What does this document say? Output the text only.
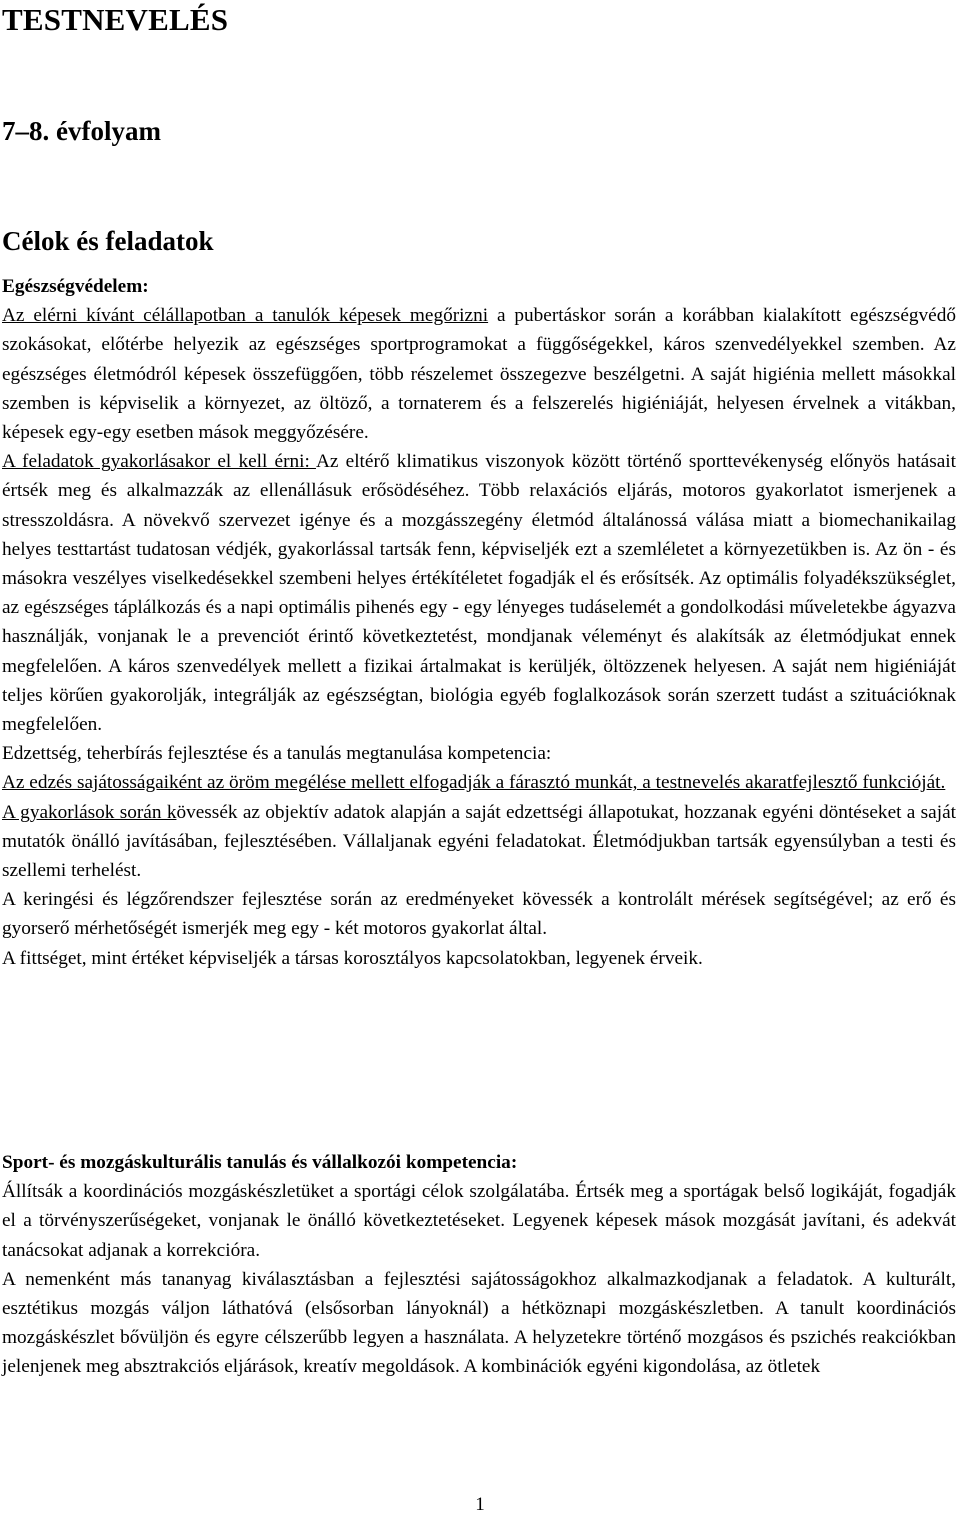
TESTNEVELÉS
7–8. évfolyam
Célok és feladatok

Egészségvédelem:

Az elérni kívánt célállapotban a tanulók képesek megőrizni a pubertáskor során a korábban kialakított egészségvédő szokásokat, előtérbe helyezik az egészséges sportprogramokat a függőségekkel, káros szenvedélyekkel szemben. Az egészséges életmódról képesek összefüggően, több részelemet összegezve beszélgetni. A saját higiénia mellett másokkal szemben is képviselik a környezet, az öltöző, a tornaterem és a felszerelés higiéniáját, helyesen érvelnek a vitákban, képesek egy-egy esetben mások meggyőzésére.

A feladatok gyakorlásakor el kell érni: Az eltérő klimatikus viszonyok között történő sporttevékenység előnyös hatásait értsék meg és alkalmazzák az ellenállásuk erősödéséhez. Több relaxációs eljárás, motoros gyakorlatot ismerjenek a stresszoldásra. A növekvő szervezet igénye és a mozgásszegény életmód általánossá válása miatt a biomechanikailag helyes testtartást tudatosan védjék, gyakorlással tartsák fenn, képviseljék ezt a szemléletet a környezetükben is. Az ön - és másokra veszélyes viselkedésekkel szembeni helyes értékítéletet fogadják el és erősítsék. Az optimális folyadékszükséglet, az egészséges táplálkozás és a napi optimális pihenés egy - egy lényeges tudáselemét a gondolkodási műveletekbe ágyazva használják, vonjanak le a prevenciót érintő következtetést, mondjanak véleményt és alakítsák az életmódjukat ennek megfelelően. A káros szenvedélyek mellett a fizikai ártalmakat is kerüljék, öltözzenek helyesen. A saját nem higiéniáját teljes körűen gyakorolják, integrálják az egészségtan, biológia egyéb foglalkozások során szerzett tudást a szituációknak megfelelően.

Edzettség, teherbírás fejlesztése és a tanulás megtanulása kompetencia:

Az edzés sajátosságaiként az öröm megélése mellett elfogadják a fárasztó munkát, a testnevelés akaratfejlesztő funkcióját.

A gyakorlások során kövessék az objektív adatok alapján a saját edzettségi állapotukat, hozzanak egyéni döntéseket a saját mutatók önálló javításában, fejlesztésében. Vállaljanak egyéni feladatokat. Életmódjukban tartsák egyensúlyban a testi és szellemi terhelést.

A keringési és légzőrendszer fejlesztése során az eredményeket kövessék a kontrolált mérések segítségével; az erő és gyorserő mérhetőségét ismerjék meg egy - két motoros gyakorlat által.

A fittséget, mint értéket képviseljék a társas korosztályos kapcsolatokban, legyenek érveik.

Sport- és mozgáskulturális tanulás és vállalkozói kompetencia:

Állítsák a koordinációs mozgáskészletüket a sportági célok szolgálatába. Értsék meg a sportágak belső logikáját, fogadják el a törvényszerűségeket, vonjanak le önálló következtetéseket. Legyenek képesek mások mozgását javítani, és adekvát tanácsokat adjanak a korrekcióra.

A nemenként más tananyag kiválasztásban a fejlesztési sajátosságokhoz alkalmazkodjanak a feladatok. A kulturált, esztétikus mozgás váljon láthatóvá (elsősorban lányoknál) a hétköznapi mozgáskészletben. A tanult koordinációs mozgáskészlet bővüljön és egyre célszerűbb legyen a használata. A helyzetekre történő mozgásos és pszichés reakciókban jelenjenek meg absztrakciós eljárások, kreatív megoldások. A kombinációk egyéni kigondolása, az ötletek

1
